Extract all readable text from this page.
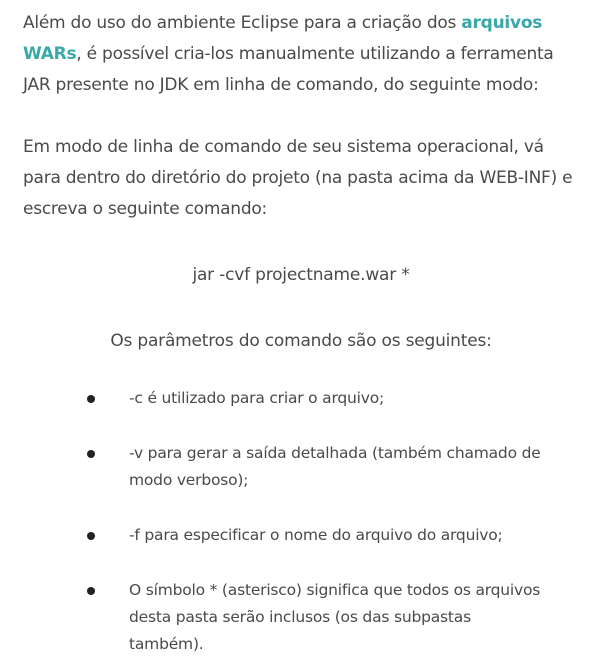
Além do uso do ambiente Eclipse para a criação dos arquivos WARs, é possível cria-los manualmente utilizando a ferramenta JAR presente no JDK em linha de comando, do seguinte modo:

Em modo de linha de comando de seu sistema operacional, vá para dentro do diretório do projeto (na pasta acima da WEB-INF) e escreva o seguinte comando:

jar -cvf projectname.war *

Os parâmetros do comando são os seguintes:

-c é utilizado para criar o arquivo;

-v para gerar a saída detalhada (também chamado de modo verboso);

-f para especificar o nome do arquivo do arquivo;

O símbolo * (asterisco) significa que todos os arquivos desta pasta serão inclusos (os das subpastas também).
